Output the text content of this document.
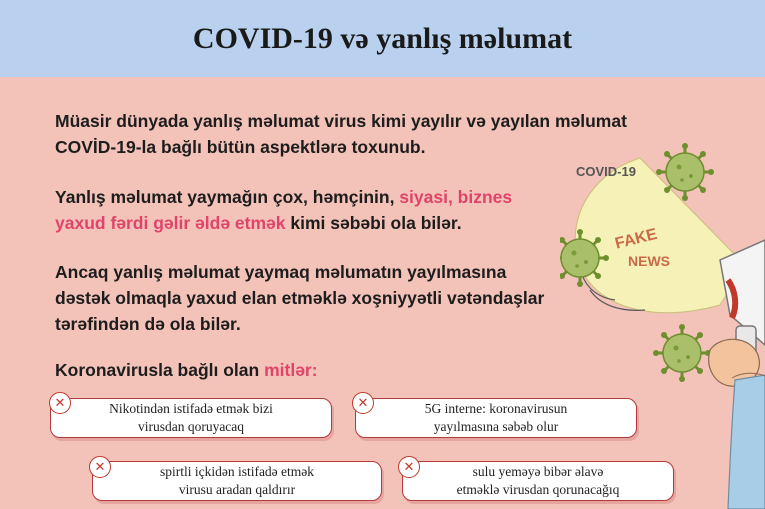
COVID-19 və yanlış məlumat

Müasir dünyada yanlış məlumat virus kimi yayılır və yayılan məlumat
COVİD-19-la bağlı bütün aspektlərə toxunub.

Yanlış məlumat yaymağın çox, həmçinin, siyasi, biznes
yaxud fərdi gəlir əldə etmək kimi səbəbi ola bilər.

Ancaq yanlış məlumat yaymaq məlumatın yayılmasına
dəstək olmaqla yaxud elan etməklə xoşniyyətli vətəndaşlar
tərəfindən də ola bilər.

Koronavirusla bağlı olan mitlər:

Nikotindən istifadə etmək bizi
virusdan qoruyacaq
✕	5G interne: koronavirusun
yayılmasına səbəb olur
✕
spirtli içkidən istifadə etmək
virusu aradan qaldırır
✕	sulu yeməyə bibər əlavə
etməklə virusdan qorunacağıq
✕
COVID-19
FAKE
NEWS
